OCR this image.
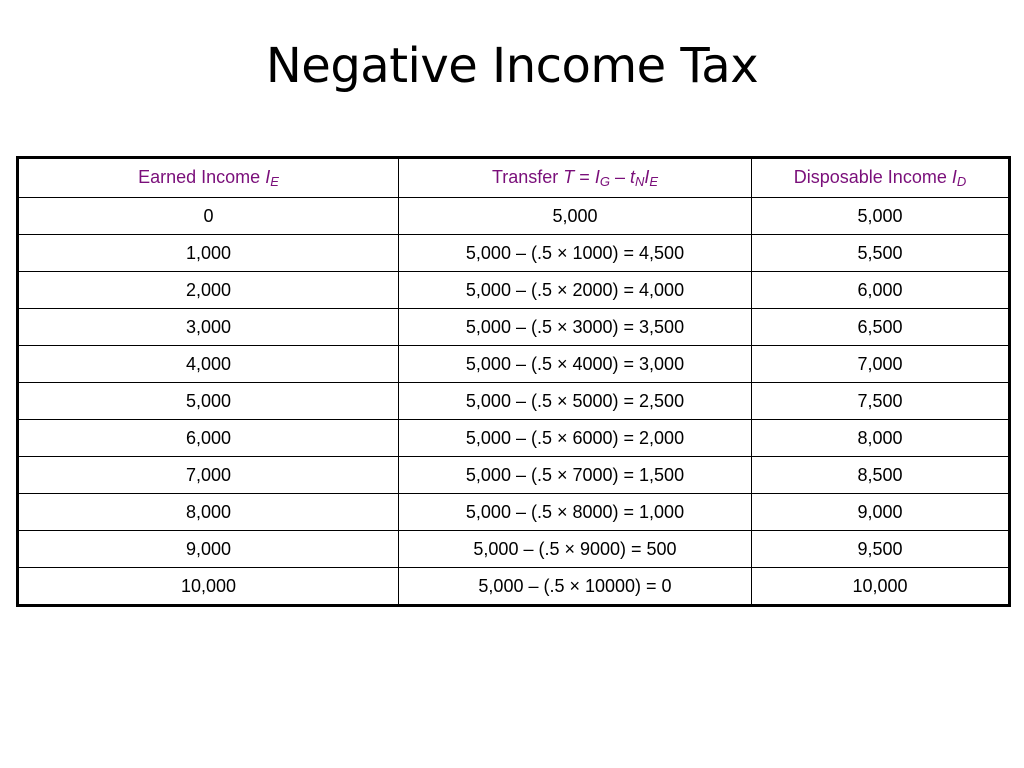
Negative Income Tax
Earned Income IE	Transfer T = IG – tNIE	Disposable Income ID
0	5,000	5,000
1,000	5,000 – (.5 × 1000) = 4,500	5,500
2,000	5,000 – (.5 × 2000) = 4,000	6,000
3,000	5,000 – (.5 × 3000) = 3,500	6,500
4,000	5,000 – (.5 × 4000) = 3,000	7,000
5,000	5,000 – (.5 × 5000) = 2,500	7,500
6,000	5,000 – (.5 × 6000) = 2,000	8,000
7,000	5,000 – (.5 × 7000) = 1,500	8,500
8,000	5,000 – (.5 × 8000) = 1,000	9,000
9,000	5,000 – (.5 × 9000) = 500	9,500
10,000	5,000 – (.5 × 10000) = 0	10,000
